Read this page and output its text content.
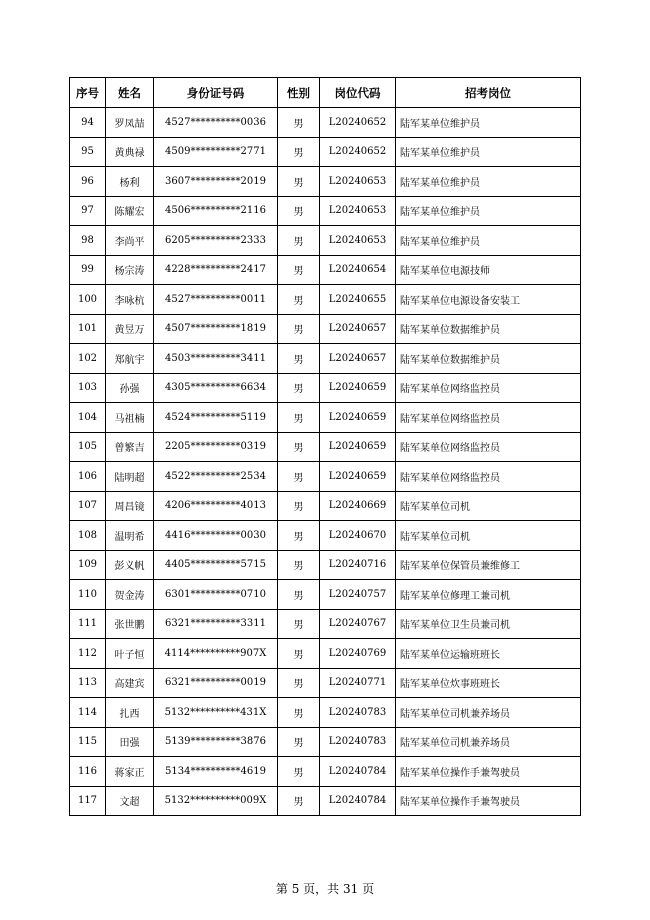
序号	姓名	身份证号码	性别	岗位代码	招考岗位
94	罗凤喆	4527**********0036	男	L20240652	陆军某单位维护员
95	黄典禄	4509**********2771	男	L20240652	陆军某单位维护员
96	杨利	3607**********2019	男	L20240653	陆军某单位维护员
97	陈耀宏	4506**********2116	男	L20240653	陆军某单位维护员
98	李尚平	6205**********2333	男	L20240653	陆军某单位维护员
99	杨宗涛	4228**********2417	男	L20240654	陆军某单位电源技师
100	李咏杭	4527**********0011	男	L20240655	陆军某单位电源设备安装工
101	黄昱万	4507**********1819	男	L20240657	陆军某单位数据维护员
102	郑航宇	4503**********3411	男	L20240657	陆军某单位数据维护员
103	孙强	4305**********6634	男	L20240659	陆军某单位网络监控员
104	马祖楠	4524**********5119	男	L20240659	陆军某单位网络监控员
105	曾繁吉	2205**********0319	男	L20240659	陆军某单位网络监控员
106	陆明超	4522**********2534	男	L20240659	陆军某单位网络监控员
107	周昌镜	4206**********4013	男	L20240669	陆军某单位司机
108	温明希	4416**********0030	男	L20240670	陆军某单位司机
109	彭义帆	4405**********5715	男	L20240716	陆军某单位保管员兼维修工
110	贺金涛	6301**********0710	男	L20240757	陆军某单位修理工兼司机
111	张世鹏	6321**********3311	男	L20240767	陆军某单位卫生员兼司机
112	叶子恒	4114**********907X	男	L20240769	陆军某单位运输班班长
113	高建宾	6321**********0019	男	L20240771	陆军某单位炊事班班长
114	扎西	5132**********431X	男	L20240783	陆军某单位司机兼养场员
115	田强	5139**********3876	男	L20240783	陆军某单位司机兼养场员
116	蒋家正	5134**********4619	男	L20240784	陆军某单位操作手兼驾驶员
117	文超	5132**********009X	男	L20240784	陆军某单位操作手兼驾驶员
第 5 页，共 31 页
